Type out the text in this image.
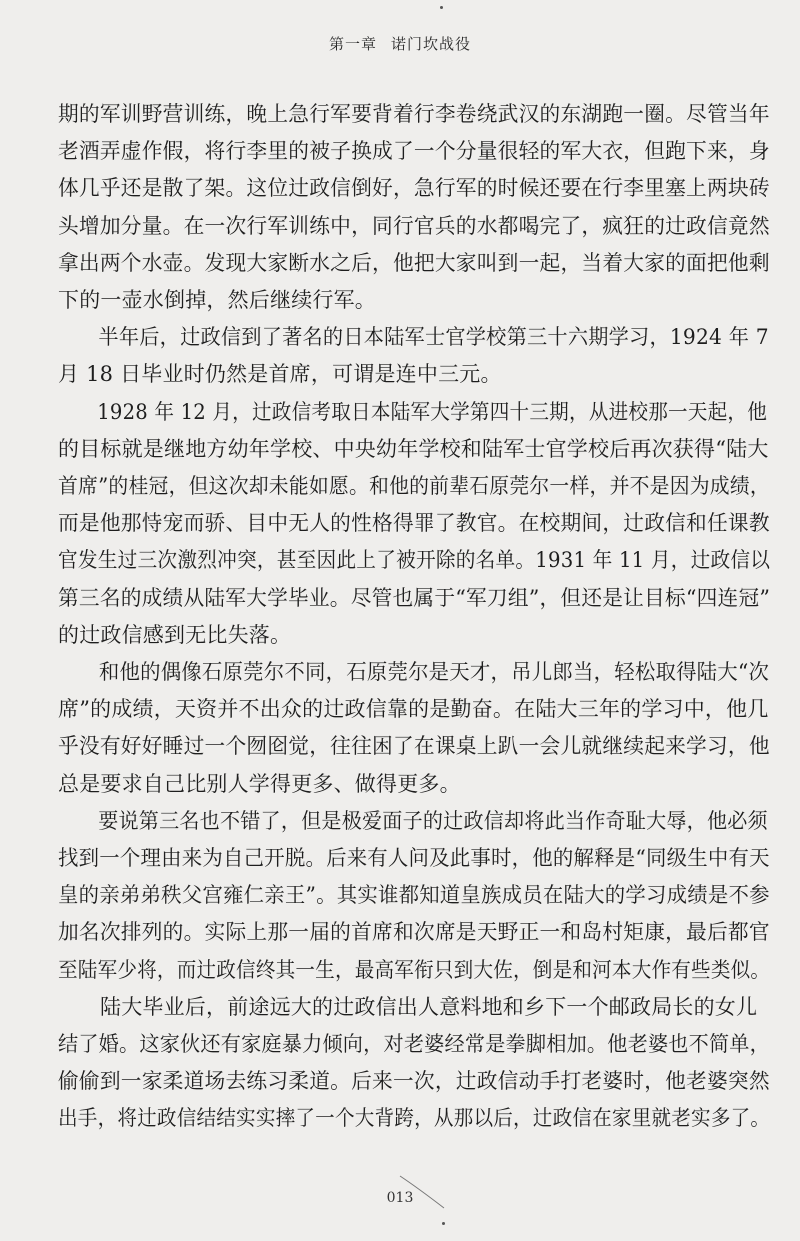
第一章 诺门坎战役

期的军训野营训练，晚上急行军要背着行李卷绕武汉的东湖跑一圈。尽管当年
老酒弄虚作假，将行李里的被子换成了一个分量很轻的军大衣，但跑下来，身
体几乎还是散了架。这位辻政信倒好，急行军的时候还要在行李里塞上两块砖
头增加分量。在一次行军训练中，同行官兵的水都喝完了，疯狂的辻政信竟然
拿出两个水壶。发现大家断水之后，他把大家叫到一起，当着大家的面把他剩
下的一壶水倒掉，然后继续行军。

半年后，辻政信到了著名的日本陆军士官学校第三十六期学习，1924 年 7
月 18 日毕业时仍然是首席，可谓是连中三元。

1928 年 12 月，辻政信考取日本陆军大学第四十三期，从进校那一天起，他
的目标就是继地方幼年学校、中央幼年学校和陆军士官学校后再次获得“陆大
首席”的桂冠，但这次却未能如愿。和他的前辈石原莞尔一样，并不是因为成绩，
而是他那恃宠而骄、目中无人的性格得罪了教官。在校期间，辻政信和任课教
官发生过三次激烈冲突，甚至因此上了被开除的名单。1931 年 11 月，辻政信以
第三名的成绩从陆军大学毕业。尽管也属于“军刀组”，但还是让目标“四连冠”
的辻政信感到无比失落。

和他的偶像石原莞尔不同，石原莞尔是天才，吊儿郎当，轻松取得陆大“次
席”的成绩，天资并不出众的辻政信靠的是勤奋。在陆大三年的学习中，他几
乎没有好好睡过一个囫囵觉，往往困了在课桌上趴一会儿就继续起来学习，他
总是要求自己比别人学得更多、做得更多。

要说第三名也不错了，但是极爱面子的辻政信却将此当作奇耻大辱，他必须
找到一个理由来为自己开脱。后来有人问及此事时，他的解释是“同级生中有天
皇的亲弟弟秩父宫雍仁亲王”。其实谁都知道皇族成员在陆大的学习成绩是不参
加名次排列的。实际上那一届的首席和次席是天野正一和岛村矩康，最后都官
至陆军少将，而辻政信终其一生，最高军衔只到大佐，倒是和河本大作有些类似。

陆大毕业后，前途远大的辻政信出人意料地和乡下一个邮政局长的女儿
结了婚。这家伙还有家庭暴力倾向，对老婆经常是拳脚相加。他老婆也不简单，
偷偷到一家柔道场去练习柔道。后来一次，辻政信动手打老婆时，他老婆突然
出手，将辻政信结结实实摔了一个大背跨，从那以后，辻政信在家里就老实多了。

013
